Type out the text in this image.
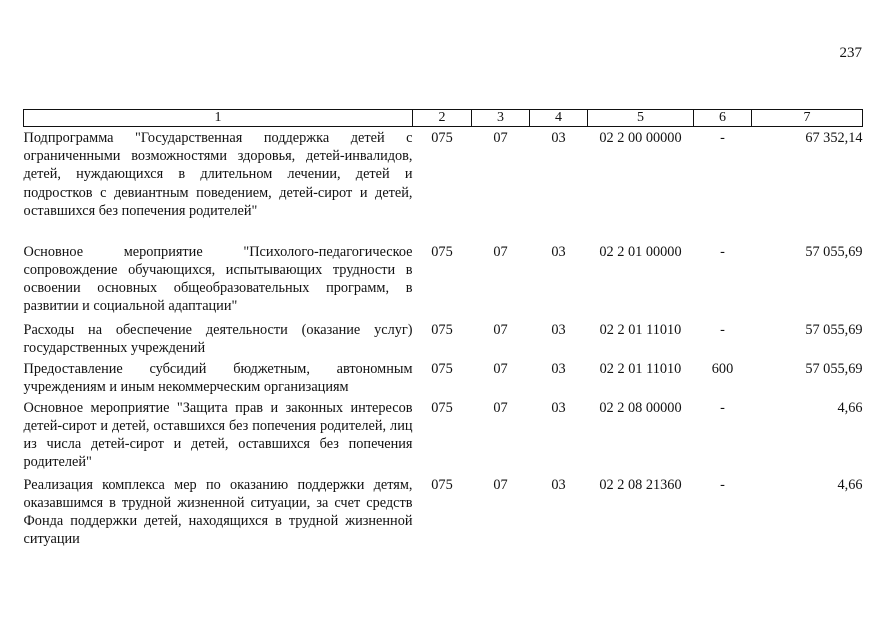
237
1	2	3	4	5	6	7
Подпрограмма "Государственная поддержка детей с ограниченными возможностями здоровья, детей-инвалидов, детей, нуждающихся в длительном лечении, детей и подростков с девиантным поведением, детей-сирот и детей, оставшихся без попечения родителей"	075	07	03	02 2 00 00000	-	67 352,14
Основное мероприятие "Психолого-педагогическое сопровождение обучающихся, испытывающих трудности в освоении основных общеобразовательных программ, в развитии и социальной адаптации"	075	07	03	02 2 01 00000	-	57 055,69
Расходы на обеспечение деятельности (оказание услуг) государственных учреждений	075	07	03	02 2 01 11010	-	57 055,69
Предоставление субсидий бюджетным, автономным учреждениям и иным некоммерческим организациям	075	07	03	02 2 01 11010	600	57 055,69
Основное мероприятие "Защита прав и законных интересов детей-сирот и детей, оставшихся без попечения родителей, лиц из числа детей-сирот и детей, оставшихся без попечения родителей"	075	07	03	02 2 08 00000	-	4,66
Реализация комплекса мер по оказанию поддержки детям, оказавшимся в трудной жизненной ситуации, за счет средств Фонда поддержки детей, находящихся в трудной жизненной ситуации	075	07	03	02 2 08 21360	-	4,66
